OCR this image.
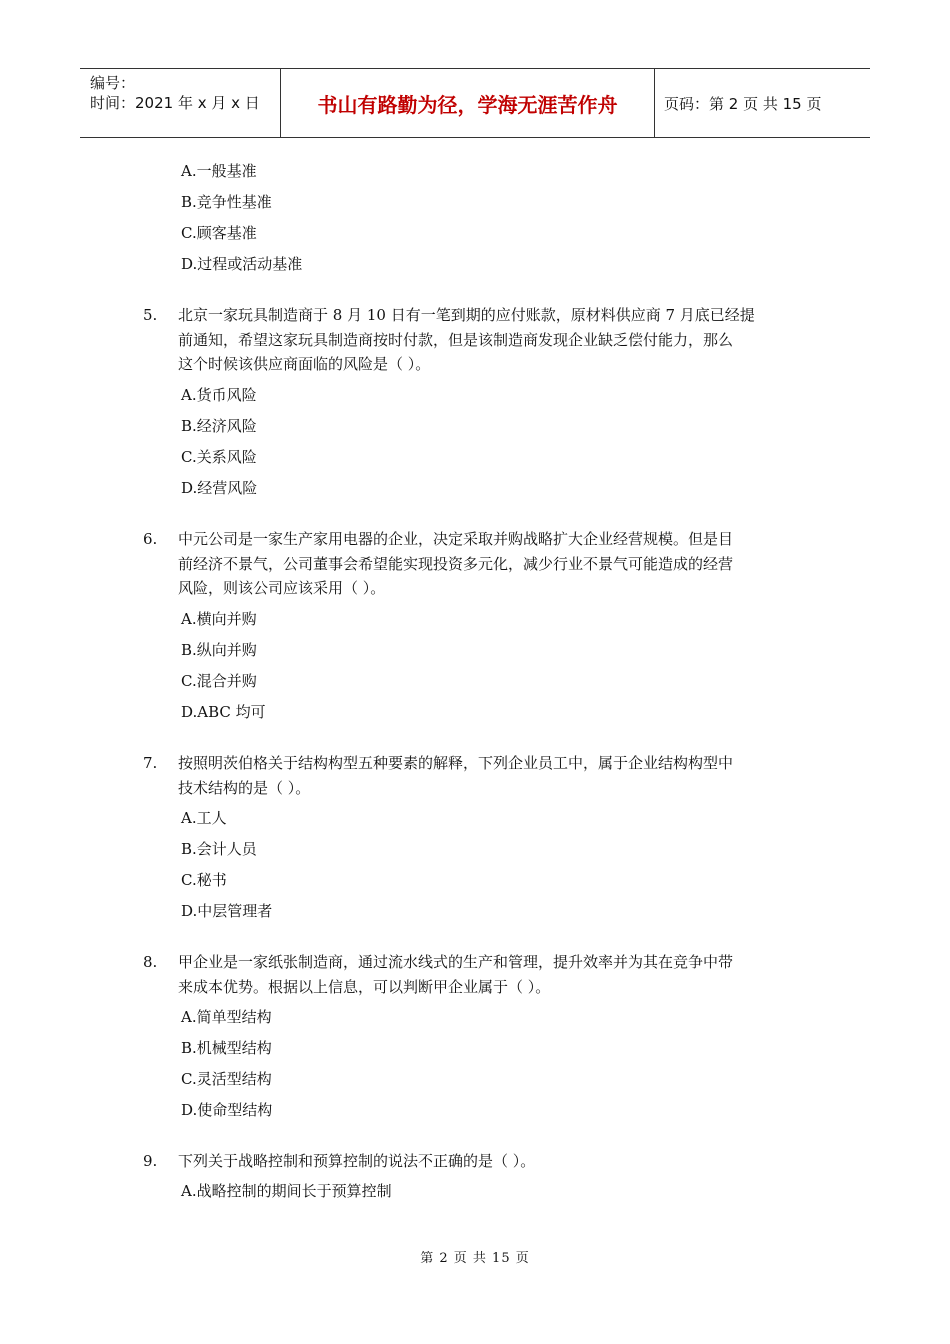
编号：
时间：2021 年 x 月 x 日	书山有路勤为径，学海无涯苦作舟	页码：第 2 页 共 15 页
A.一般基准
B.竞争性基准
C.顾客基准
D.过程或活动基准
5. 北京一家玩具制造商于 8 月 10 日有一笔到期的应付账款，原材料供应商 7 月底已经提
前通知，希望这家玩具制造商按时付款，但是该制造商发现企业缺乏偿付能力，那么
这个时候该供应商面临的风险是（ ）。
A.货币风险
B.经济风险
C.关系风险
D.经营风险
6. 中元公司是一家生产家用电器的企业，决定采取并购战略扩大企业经营规模。但是目
前经济不景气，公司董事会希望能实现投资多元化，减少行业不景气可能造成的经营
风险，则该公司应该采用（ ）。
A.横向并购
B.纵向并购
C.混合并购
D.ABC 均可
7. 按照明茨伯格关于结构构型五种要素的解释，下列企业员工中，属于企业结构构型中
技术结构的是（ ）。
A.工人
B.会计人员
C.秘书
D.中层管理者
8. 甲企业是一家纸张制造商，通过流水线式的生产和管理，提升效率并为其在竞争中带
来成本优势。根据以上信息，可以判断甲企业属于（ ）。
A.简单型结构
B.机械型结构
C.灵活型结构
D.使命型结构
9. 下列关于战略控制和预算控制的说法不正确的是（ ）。
A.战略控制的期间长于预算控制
第 2 页 共 15 页
